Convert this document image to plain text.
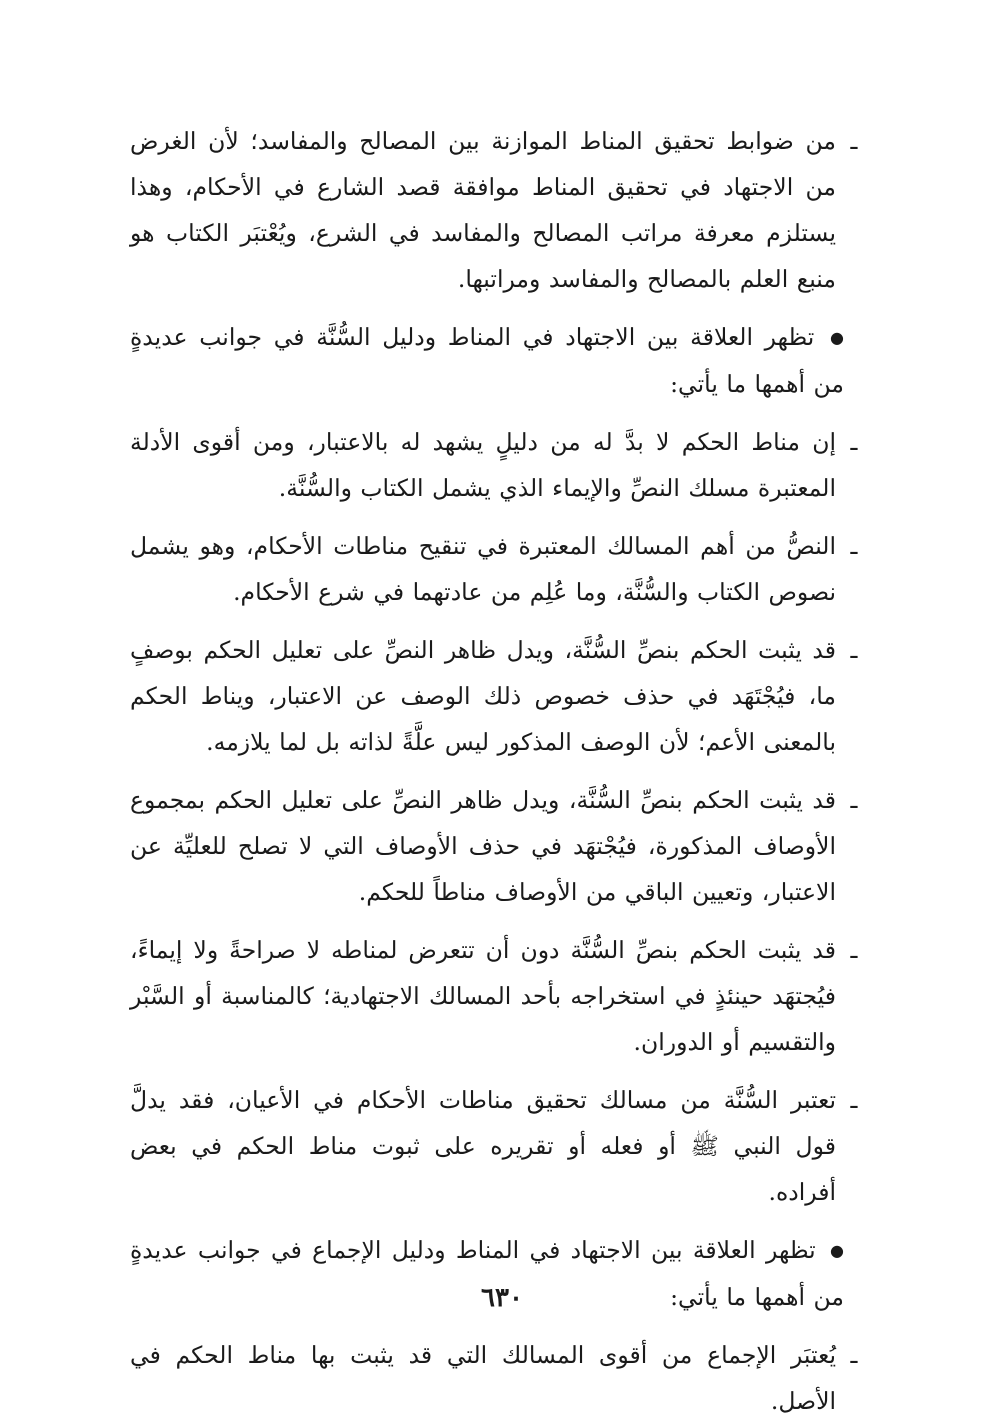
ـ
من ضوابط تحقيق المناط الموازنة بين المصالح والمفاسد؛ لأن الغرض من الاجتهاد في تحقيق المناط موافقة قصد الشارع في الأحكام، وهذا يستلزم معرفة مراتب المصالح والمفاسد في الشرع، ويُعْتبَر الكتاب هو منبع العلم بالمصالح والمفاسد ومراتبها.

● تظهر العلاقة بين الاجتهاد في المناط ودليل السُّنَّة في جوانب عديدةٍ من أهمها ما يأتي:

ـ
إن مناط الحكم لا بدَّ له من دليلٍ يشهد له بالاعتبار، ومن أقوى الأدلة المعتبرة مسلك النصِّ والإيماء الذي يشمل الكتاب والسُّنَّة.

ـ
النصُّ من أهم المسالك المعتبرة في تنقيح مناطات الأحكام، وهو يشمل نصوص الكتاب والسُّنَّة، وما عُلِم من عادتهما في شرع الأحكام.

ـ
قد يثبت الحكم بنصِّ السُّنَّة، ويدل ظاهر النصِّ على تعليل الحكم بوصفٍ ما، فيُجْتَهَد في حذف خصوص ذلك الوصف عن الاعتبار، ويناط الحكم بالمعنى الأعم؛ لأن الوصف المذكور ليس علَّةً لذاته بل لما يلازمه.

ـ
قد يثبت الحكم بنصِّ السُّنَّة، ويدل ظاهر النصِّ على تعليل الحكم بمجموع الأوصاف المذكورة، فيُجْتهَد في حذف الأوصاف التي لا تصلح للعليِّة عن الاعتبار، وتعيين الباقي من الأوصاف مناطاً للحكم.

ـ
قد يثبت الحكم بنصِّ السُّنَّة دون أن تتعرض لمناطه لا صراحةً ولا إيماءً، فيُجتهَد حينئذٍ في استخراجه بأحد المسالك الاجتهادية؛ كالمناسبة أو السَّبْر والتقسيم أو الدوران.

ـ
تعتبر السُّنَّة من مسالك تحقيق مناطات الأحكام في الأعيان، فقد يدلَّ قول النبي ﷺ أو فعله أو تقريره على ثبوت مناط الحكم في بعض أفراده.

● تظهر العلاقة بين الاجتهاد في المناط ودليل الإجماع في جوانب عديدةٍ من أهمها ما يأتي:

ـ
يُعتبَر الإجماع من أقوى المسالك التي قد يثبت بها مناط الحكم في الأصل.

٦٣٠
